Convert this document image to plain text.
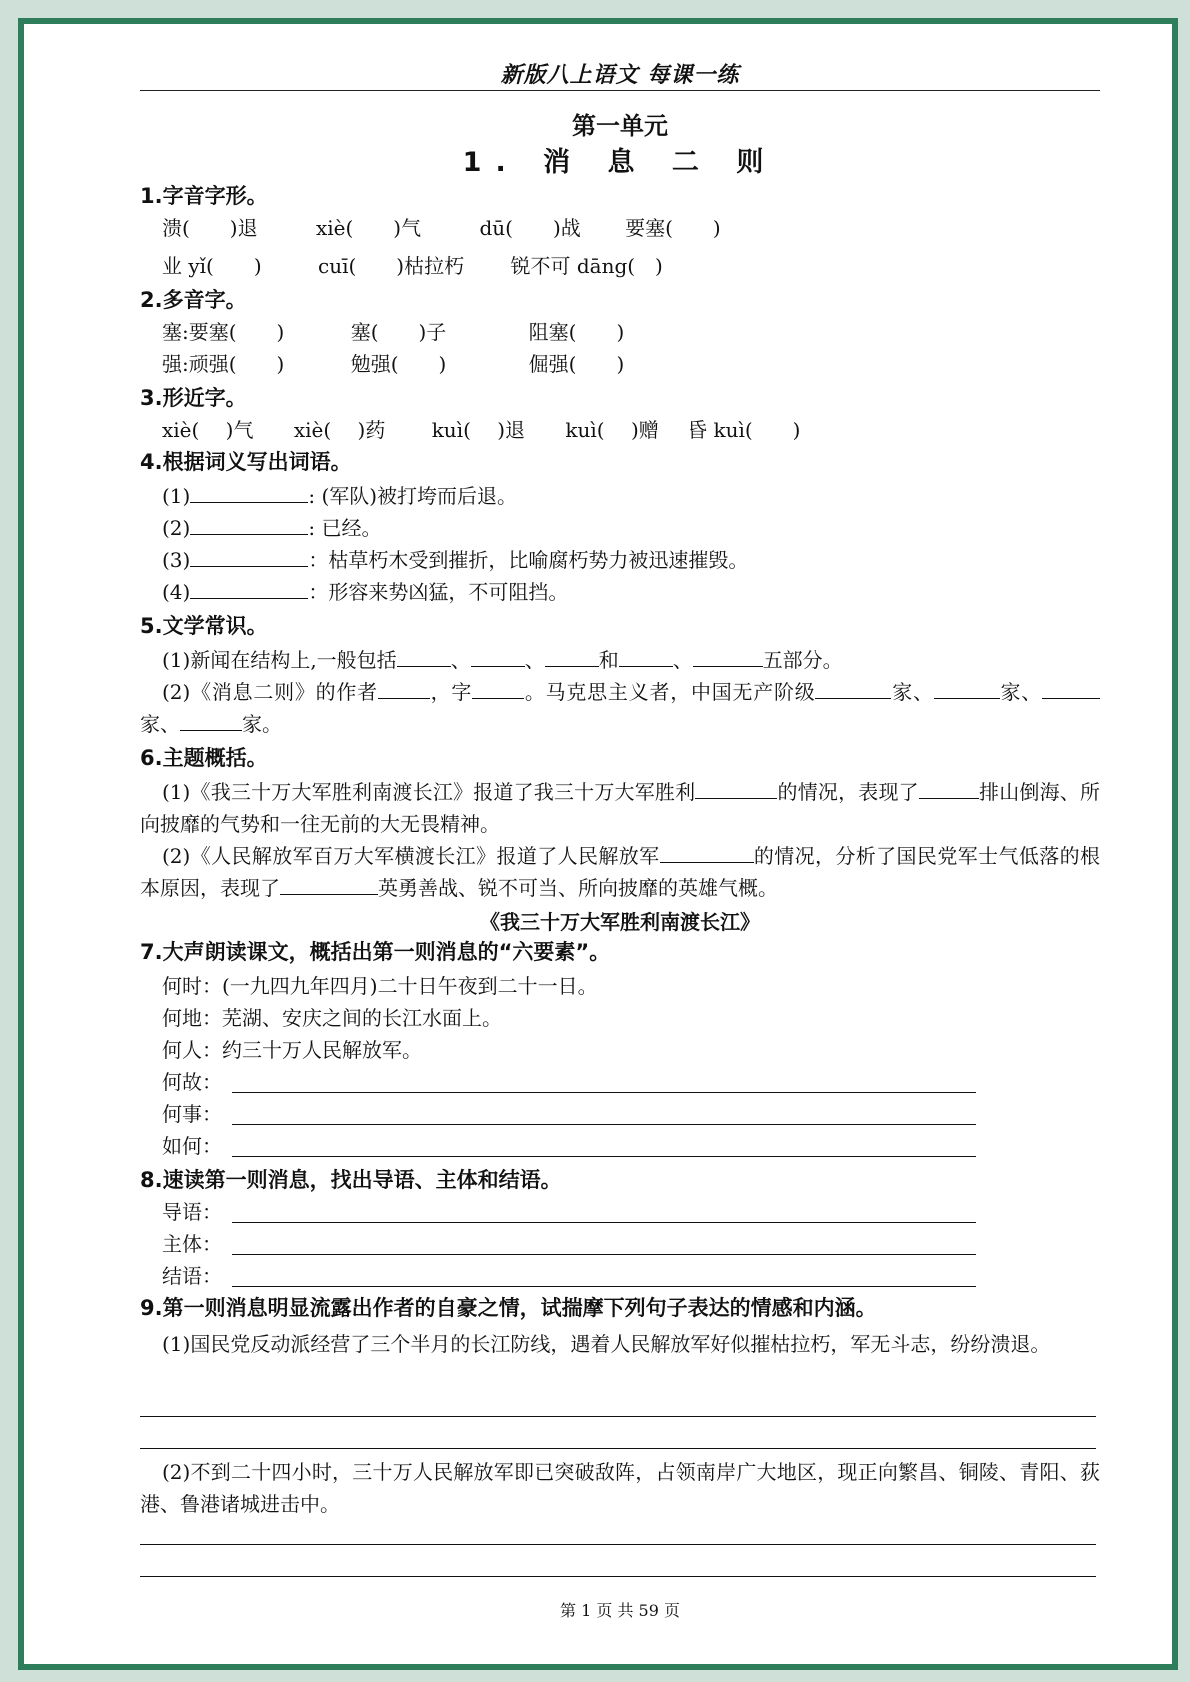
新版八上语文 每课一练
第一单元
1. 消 息 二 则
1.字音字形。
溃(　　)退	xiè(　　)气	dū(　　)战 要塞(　　)
业 yǐ(　　)	cuī(　　)枯拉朽 锐不可 dāng(　)
2.多音字。
塞:要塞(　　)	塞(　　)子	阻塞(　　)
强:顽强(　　)	勉强(　　)	倔强(　　)
3.形近字。
xiè(　 )气 xiè(　 )药 kuì(　 )退 kuì(　 )赠 昏 kuì(　　)
4.根据词义写出词语。
(1)	: (军队)被打垮而后退。
(2)	: 已经。
(3)	：枯草朽木受到摧折，比喻腐朽势力被迅速摧毁。
(4)	：形容来势凶猛，不可阻挡。
5.文学常识。
(1)新闻在结构上,一般包括	、	、	和	、	五部分。
(2)《消息二则》的作者	，字	。马克思主义者，中国无产阶级	家、	家、家、	家。
6.主题概括。
(1)《我三十万大军胜利南渡长江》报道了我三十万大军胜利	的情况，表现了	排山倒海、所向披靡的气势和一往无前的大无畏精神。
(2)《人民解放军百万大军横渡长江》报道了人民解放军	的情况，分析了国民党军士气低落的根本原因，表现了	英勇善战、锐不可当、所向披靡的英雄气概。
《我三十万大军胜利南渡长江》
7.大声朗读课文，概括出第一则消息的“六要素”。
何时：(一九四九年四月)二十日午夜到二十一日。
何地：芜湖、安庆之间的长江水面上。
何人：约三十万人民解放军。
何故：
何事：
如何：
8.速读第一则消息，找出导语、主体和结语。
导语：
主体：
结语：
9.第一则消息明显流露出作者的自豪之情，试揣摩下列句子表达的情感和内涵。
(1)国民党反动派经营了三个半月的长江防线，遇着人民解放军好似摧枯拉朽，军无斗志，纷纷溃退。
(2)不到二十四小时，三十万人民解放军即已突破敌阵，占领南岸广大地区，现正向繁昌、铜陵、青阳、荻港、鲁港诸城进击中。
第 1 页 共 59 页
